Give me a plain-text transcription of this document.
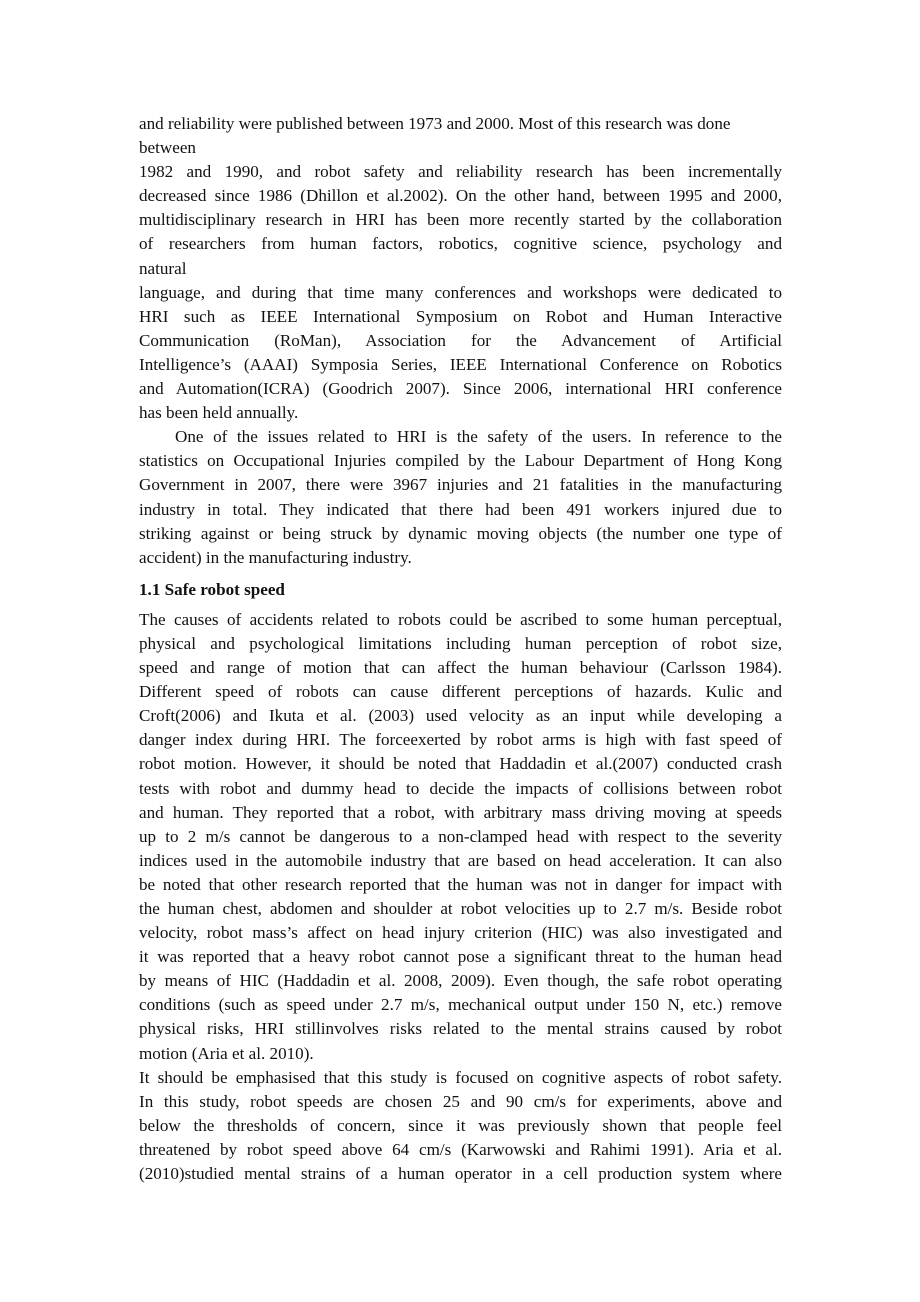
and reliability were published between 1973 and 2000. Most of this research was done
between
1982 and 1990, and robot safety and reliability research has been incrementally
decreased since 1986 (Dhillon et al.2002). On the other hand, between 1995 and 2000,
multidisciplinary research in HRI has been more recently started by the collaboration
of researchers from human factors, robotics, cognitive science, psychology and
natural
language, and during that time many conferences and workshops were dedicated to
HRI such as IEEE International Symposium on Robot and Human Interactive
Communication (RoMan), Association for the Advancement of Artificial
Intelligence’s (AAAI) Symposia Series, IEEE International Conference on Robotics
and Automation(ICRA) (Goodrich 2007). Since 2006, international HRI conference
has been held annually.
One of the issues related to HRI is the safety of the users. In reference to the
statistics on Occupational Injuries compiled by the Labour Department of Hong Kong
Government in 2007, there were 3967 injuries and 21 fatalities in the manufacturing
industry in total. They indicated that there had been 491 workers injured due to
striking against or being struck by dynamic moving objects (the number one type of
accident) in the manufacturing industry.
1.1 Safe robot speed
The causes of accidents related to robots could be ascribed to some human perceptual,
physical and psychological limitations including human perception of robot size,
speed and range of motion that can affect the human behaviour (Carlsson 1984).
Different speed of robots can cause different perceptions of hazards. Kulic and
Croft(2006) and Ikuta et al. (2003) used velocity as an input while developing a
danger index during HRI. The forceexerted by robot arms is high with fast speed of
robot motion. However, it should be noted that Haddadin et al.(2007) conducted crash
tests with robot and dummy head to decide the impacts of collisions between robot
and human. They reported that a robot, with arbitrary mass driving moving at speeds
up to 2 m/s cannot be dangerous to a non-clamped head with respect to the severity
indices used in the automobile industry that are based on head acceleration. It can also
be noted that other research reported that the human was not in danger for impact with
the human chest, abdomen and shoulder at robot velocities up to 2.7 m/s. Beside robot
velocity, robot mass’s affect on head injury criterion (HIC) was also investigated and
it was reported that a heavy robot cannot pose a significant threat to the human head
by means of HIC (Haddadin et al. 2008, 2009). Even though, the safe robot operating
conditions (such as speed under 2.7 m/s, mechanical output under 150 N, etc.) remove
physical risks, HRI stillinvolves risks related to the mental strains caused by robot
motion (Aria et al. 2010).
It should be emphasised that this study is focused on cognitive aspects of robot safety.
In this study, robot speeds are chosen 25 and 90 cm/s for experiments, above and
below the thresholds of concern, since it was previously shown that people feel
threatened by robot speed above 64 cm/s (Karwowski and Rahimi 1991). Aria et al.
(2010)studied mental strains of a human operator in a cell production system where
